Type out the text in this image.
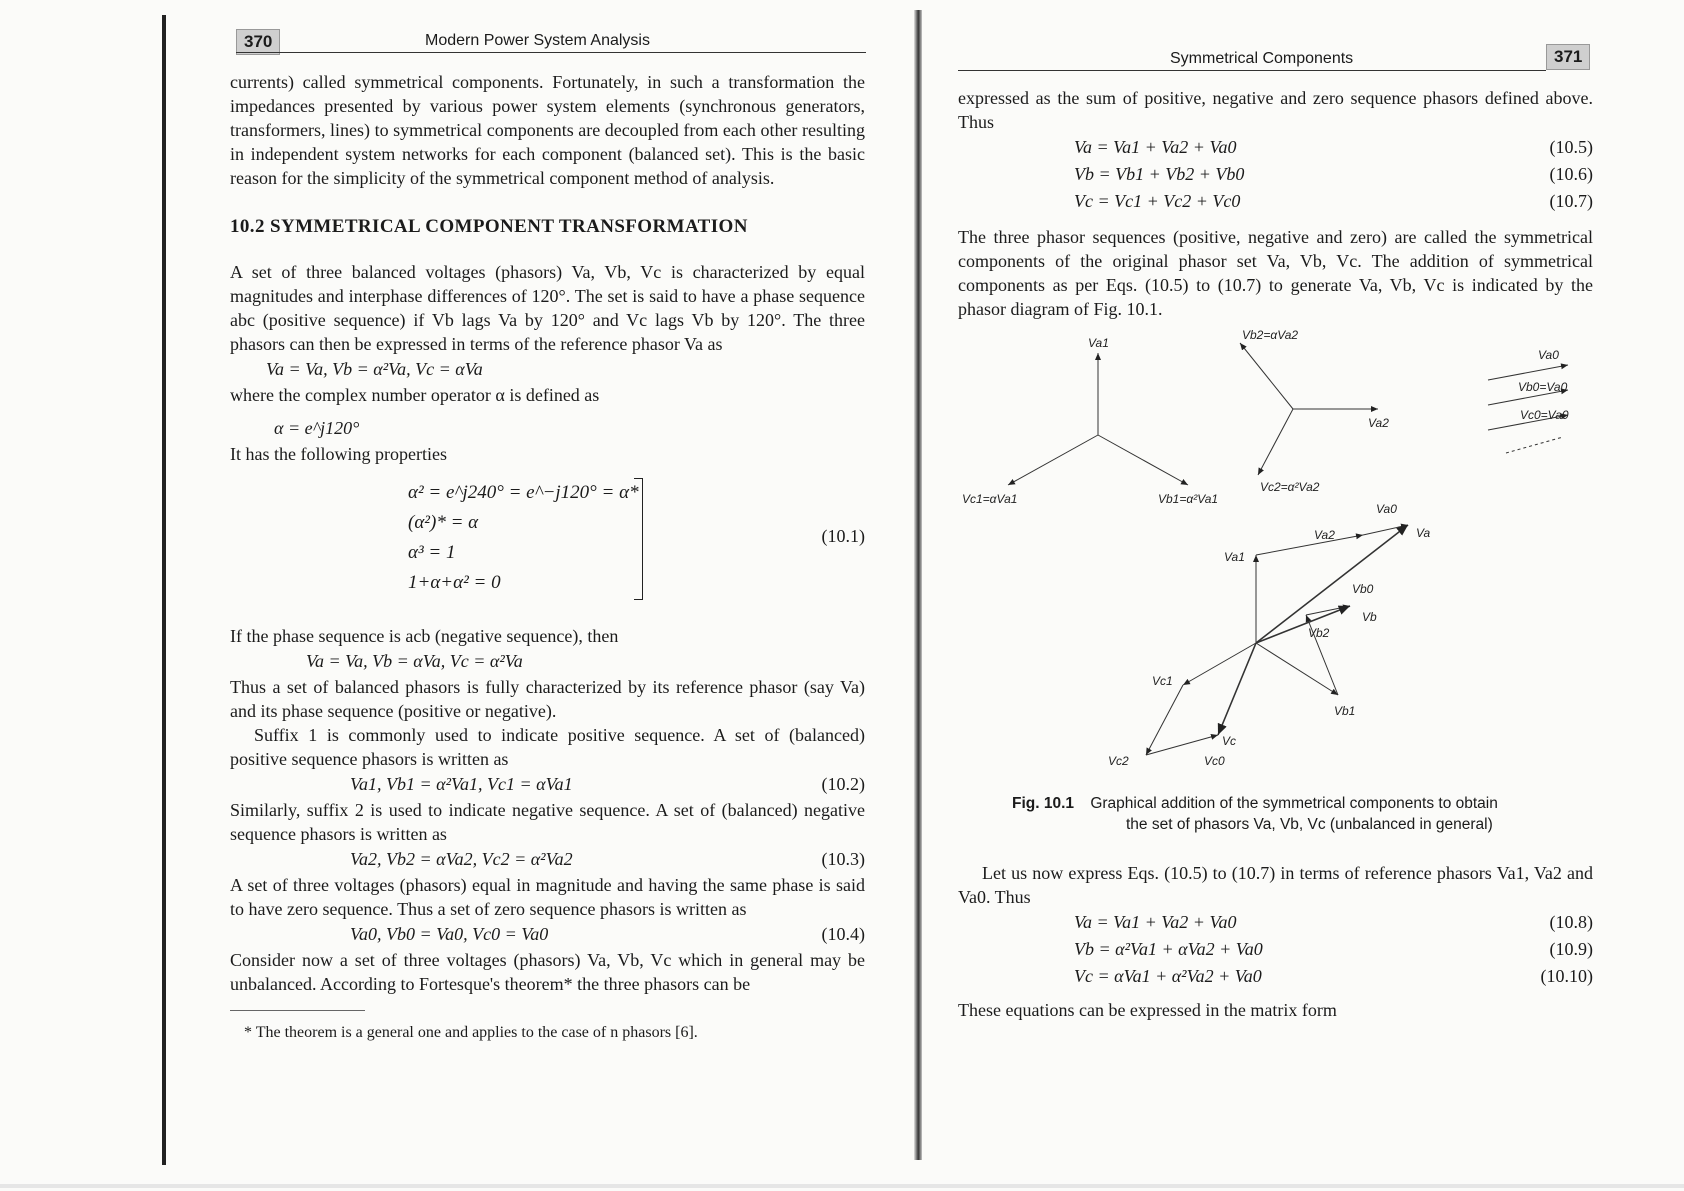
370	Modern Power System Analysis

currents) called symmetrical components. Fortunately, in such a transformation the impedances presented by various power system elements (synchronous generators, transformers, lines) to symmetrical components are decoupled from each other resulting in independent system networks for each component (balanced set). This is the basic reason for the simplicity of the symmetrical component method of analysis.

10.2 SYMMETRICAL COMPONENT TRANSFORMATION

A set of three balanced voltages (phasors) Va, Vb, Vc is characterized by equal magnitudes and interphase differences of 120°. The set is said to have a phase sequence abc (positive sequence) if Vb lags Va by 120° and Vc lags Vb by 120°. The three phasors can then be expressed in terms of the reference phasor Va as

Va = Va, Vb = α²Va, Vc = αVa

where the complex number operator α is defined as

α = e^j120°

It has the following properties

α² = e^j240° = e^−j120° = α*
(α²)* = α
α³ = 1
1+α+α² = 0
(10.1)

If the phase sequence is acb (negative sequence), then

Va = Va, Vb = αVa, Vc = α²Va

Thus a set of balanced phasors is fully characterized by its reference phasor (say Va) and its phase sequence (positive or negative).

Suffix 1 is commonly used to indicate positive sequence. A set of (balanced) positive sequence phasors is written as

Va1, Vb1 = α²Va1, Vc1 = αVa1	(10.2)

Similarly, suffix 2 is used to indicate negative sequence. A set of (balanced) negative sequence phasors is written as

Va2, Vb2 = αVa2, Vc2 = α²Va2	(10.3)

A set of three voltages (phasors) equal in magnitude and having the same phase is said to have zero sequence. Thus a set of zero sequence phasors is written as

Va0, Vb0 = Va0, Vc0 = Va0	(10.4)

Consider now a set of three voltages (phasors) Va, Vb, Vc which in general may be unbalanced. According to Fortesque's theorem* the three phasors can be

* The theorem is a general one and applies to the case of n phasors [6].

Symmetrical Components	371

expressed as the sum of positive, negative and zero sequence phasors defined above. Thus

Va = Va1 + Va2 + Va0	(10.5)
Vb = Vb1 + Vb2 + Vb0	(10.6)
Vc = Vc1 + Vc2 + Vc0	(10.7)

The three phasor sequences (positive, negative and zero) are called the symmetrical components of the original phasor set Va, Vb, Vc. The addition of symmetrical components as per Eqs. (10.5) to (10.7) to generate Va, Vb, Vc is indicated by the phasor diagram of Fig. 10.1.

Va1
Vc1=αVa1	Vb1=α²Va1
Vb2=αVa2
Va2
Vc2=α²Va2
Va0
Vb0=Va0
Vc0=Va0
Va0
Va
Va2
Va1
Vb0
Vb
Vb2
Vb1
Vc1
Vc
Vc2	Vc0
Fig. 10.1 Graphical addition of the symmetrical components to obtain
the set of phasors Va, Vb, Vc (unbalanced in general)

Let us now express Eqs. (10.5) to (10.7) in terms of reference phasors Va1, Va2 and Va0. Thus

Va = Va1 + Va2 + Va0	(10.8)
Vb = α²Va1 + αVa2 + Va0	(10.9)
Vc = αVa1 + α²Va2 + Va0	(10.10)

These equations can be expressed in the matrix form
